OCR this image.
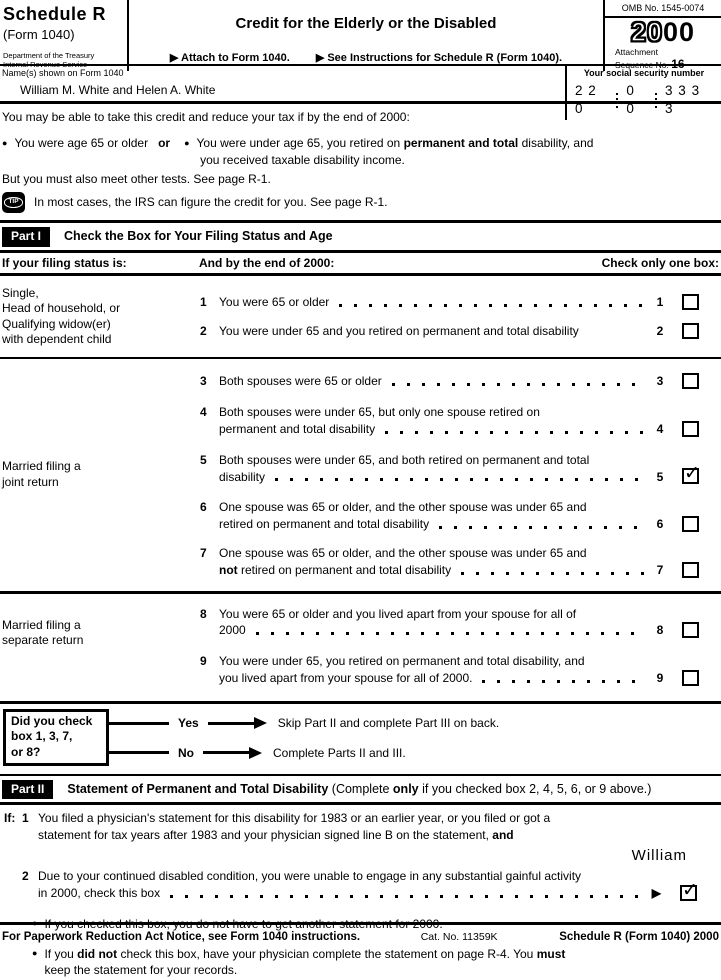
Schedule R
(Form 1040)
Department of the Treasury
Internal Revenue Service
Credit for the Elderly or the Disabled
▶ Attach to Form 1040. ▶ See Instructions for Schedule R (Form 1040).
OMB No. 1545-0074
2000
Attachment
Sequence No. 16
Name(s) shown on Form 1040
William M. White and Helen A. White
Your social security number
2 2 0
0 0
3 3 3 3
You may be able to take this credit and reduce your tax if by the end of 2000:
● You were age 65 or older or ● You were under age 65, you retired on permanent and total disability, and
you received taxable disability income.
But you must also meet other tests. See page R-1.
TIP	In most cases, the IRS can figure the credit for you. See page R-1.
Part I	Check the Box for Your Filing Status and Age
If your filing status is:	And by the end of 2000:	Check only one box:
Single,
Head of household, or
Qualifying widow(er)
with dependent child
1	You were 65 or older	1
2	You were under 65 and you retired on permanent and total disability	2
Married filing a
joint return
3	Both spouses were 65 or older	3
4	Both spouses were under 65, but only one spouse retired on
permanent and total disability	4
5	Both spouses were under 65, and both retired on permanent and total
disability	5 ✓
6	One spouse was 65 or older, and the other spouse was under 65 and
retired on permanent and total disability	6
7	One spouse was 65 or older, and the other spouse was under 65 and
not retired on permanent and total disability	7
Married filing a
separate return
8	You were 65 or older and you lived apart from your spouse for all of
2000	8
9	You were under 65, you retired on permanent and total disability, and
you lived apart from your spouse for all of 2000.	9
Did you check
box 1, 3, 7,
or 8?
Yes	Skip Part II and complete Part III on back.
No	Complete Parts II and III.
Part II	Statement of Permanent and Total Disability (Complete only if you checked box 2, 4, 5, 6, or 9 above.)
If: 1 You filed a physician's statement for this disability for 1983 or an earlier year, or you filed or got a
statement for tax years after 1983 and your physician signed line B on the statement, and
William
2 Due to your continued disabled condition, you were unable to engage in any substantial gainful activity
in 2000, check this box	▶ ✓
● If you checked this box, you do not have to get another statement for 2000.
● If you did not check this box, have your physician complete the statement on page R-4. You must
keep the statement for your records.
For Paperwork Reduction Act Notice, see Form 1040 instructions.	Cat. No. 11359K	Schedule R (Form 1040) 2000
